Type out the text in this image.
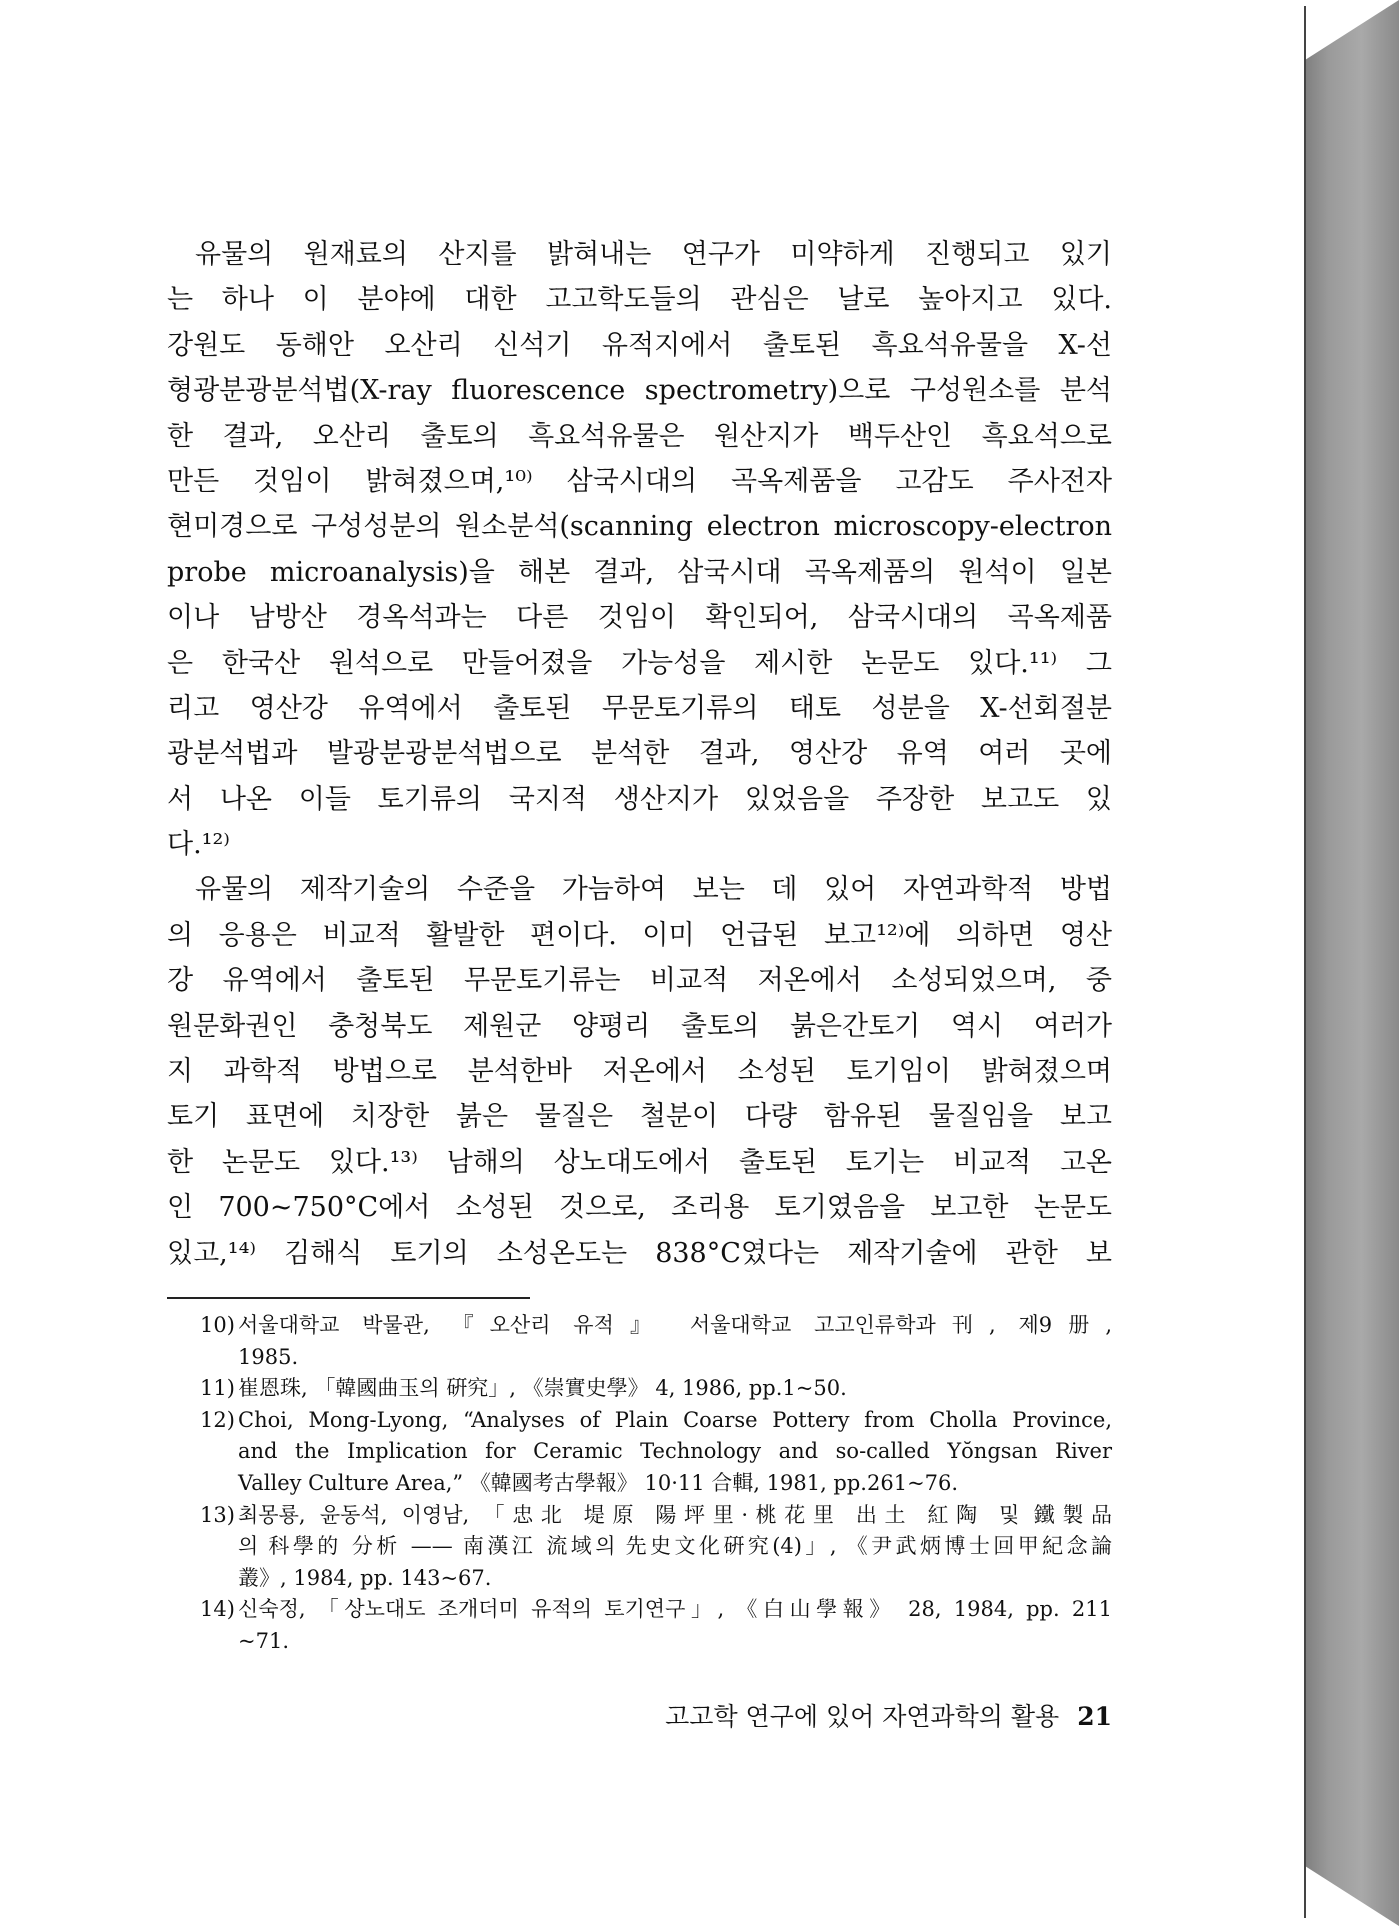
유물의 원재료의 산지를 밝혀내는 연구가 미약하게 진행되고 있기
는 하나 이 분야에 대한 고고학도들의 관심은 날로 높아지고 있다.
강원도 동해안 오산리 신석기 유적지에서 출토된 흑요석유물을 X-선
형광분광분석법(X-ray fluorescence spectrometry)으로 구성원소를 분석
한 결과, 오산리 출토의 흑요석유물은 원산지가 백두산인 흑요석으로
만든 것임이 밝혀졌으며,¹⁰⁾ 삼국시대의 곡옥제품을 고감도 주사전자
현미경으로 구성성분의 원소분석(scanning electron microscopy-electron
probe microanalysis)을 해본 결과, 삼국시대 곡옥제품의 원석이 일본
이나 남방산 경옥석과는 다른 것임이 확인되어, 삼국시대의 곡옥제품
은 한국산 원석으로 만들어졌을 가능성을 제시한 논문도 있다.¹¹⁾ 그
리고 영산강 유역에서 출토된 무문토기류의 태토 성분을 X-선회절분
광분석법과 발광분광분석법으로 분석한 결과, 영산강 유역 여러 곳에
서 나온 이들 토기류의 국지적 생산지가 있었음을 주장한 보고도 있
다.¹²⁾
유물의 제작기술의 수준을 가늠하여 보는 데 있어 자연과학적 방법
의 응용은 비교적 활발한 편이다. 이미 언급된 보고¹²⁾에 의하면 영산
강 유역에서 출토된 무문토기류는 비교적 저온에서 소성되었으며, 중
원문화권인 충청북도 제원군 양평리 출토의 붉은간토기 역시 여러가
지 과학적 방법으로 분석한바 저온에서 소성된 토기임이 밝혀졌으며
토기 표면에 치장한 붉은 물질은 철분이 다량 함유된 물질임을 보고
한 논문도 있다.¹³⁾ 남해의 상노대도에서 출토된 토기는 비교적 고온
인 700~750°C에서 소성된 것으로, 조리용 토기였음을 보고한 논문도
있고,¹⁴⁾ 김해식 토기의 소성온도는 838°C였다는 제작기술에 관한 보
10) 서울대학교 박물관, 『오산리 유적』 서울대학교 고고인류학과刊, 제9册,
1985.
11) 崔恩珠, 「韓國曲玉의 硏究」, 《崇實史學》 4, 1986, pp.1~50.
12) Choi, Mong-Lyong, “Analyses of Plain Coarse Pottery from Cholla Province,
and the Implication for Ceramic Technology and so-called Yŏngsan River
Valley Culture Area,” 《韓國考古學報》 10·11 合輯, 1981, pp.261~76.
13) 최몽룡, 윤동석, 이영남, 「忠北 堤原 陽坪里·桃花里 出土 紅陶 및 鐵製品
의 科學的 分析 —— 南漢江 流域의 先史文化硏究(4)」, 《尹武炳博士回甲紀念論
叢》, 1984, pp. 143~67.
14) 신숙정, 「상노대도 조개더미 유적의 토기연구」, 《白山學報》 28, 1984, pp. 211
~71.
고고학 연구에 있어 자연과학의 활용 21
